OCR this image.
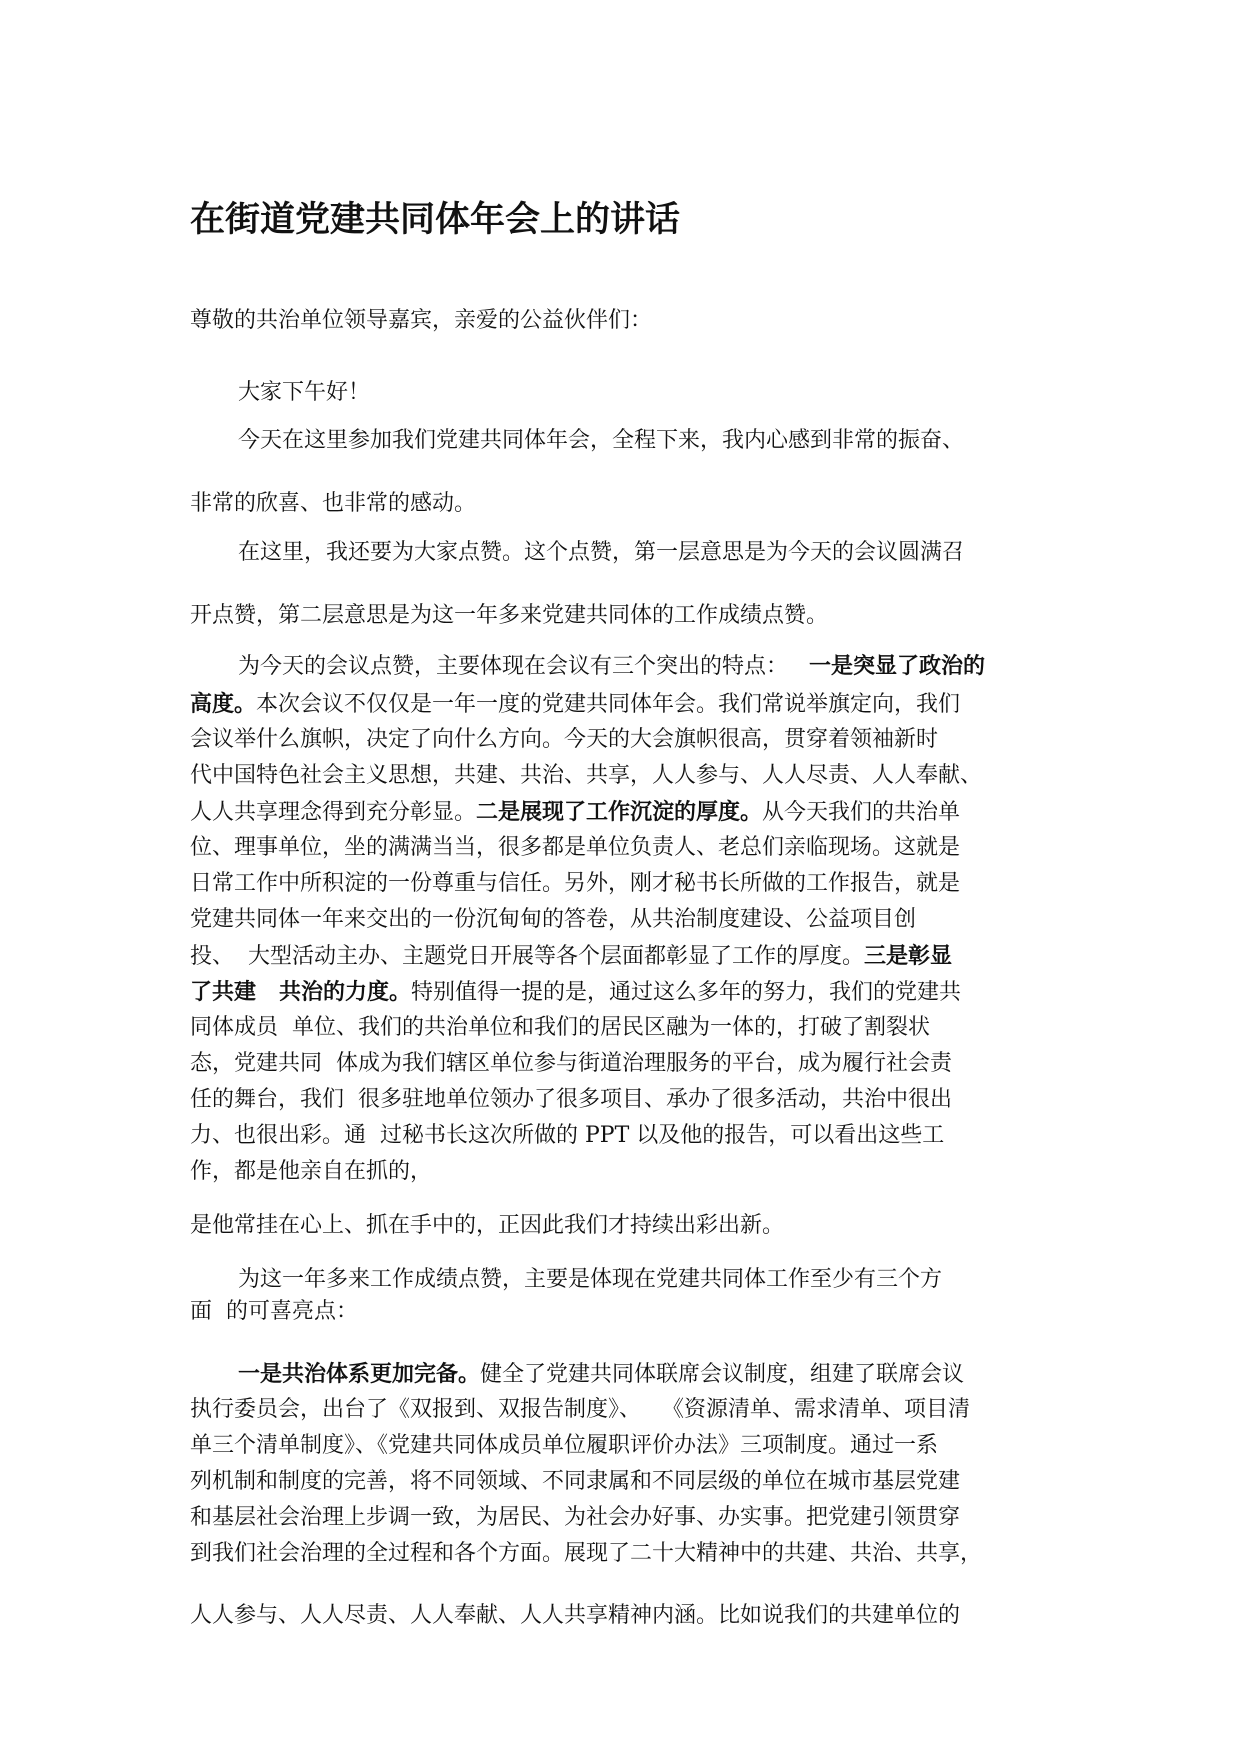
在街道党建共同体年会上的讲话

尊敬的共治单位领导嘉宾，亲爱的公益伙伴们：

大家下午好！

今天在这里参加我们党建共同体年会，全程下来，我内心感到非常的振奋、

非常的欣喜、也非常的感动。

在这里，我还要为大家点赞。这个点赞，第一层意思是为今天的会议圆满召

开点赞，第二层意思是为这一年多来党建共同体的工作成绩点赞。

为今天的会议点赞，主要体现在会议有三个突出的特点： 一是突显了政治的

高度。本次会议不仅仅是一年一度的党建共同体年会。我们常说举旗定向，我们

会议举什么旗帜，决定了向什么方向。今天的大会旗帜很高，贯穿着领袖新时

代中国特色社会主义思想，共建、共治、共享，人人参与、人人尽责、人人奉献、

人人共享理念得到充分彰显。二是展现了工作沉淀的厚度。从今天我们的共治单

位、理事单位，坐的满满当当，很多都是单位负责人、老总们亲临现场。这就是

日常工作中所积淀的一份尊重与信任。另外，刚才秘书长所做的工作报告，就是

党建共同体一年来交出的一份沉甸甸的答卷，从共治制度建设、公益项目创

投、  大型活动主办、主题党日开展等各个层面都彰显了工作的厚度。三是彰显

了共建   共治的力度。特别值得一提的是，通过这么多年的努力，我们的党建共

同体成员  单位、我们的共治单位和我们的居民区融为一体的，打破了割裂状

态，党建共同  体成为我们辖区单位参与街道治理服务的平台，成为履行社会责

任的舞台，我们  很多驻地单位领办了很多项目、承办了很多活动，共治中很出

力、也很出彩。通  过秘书长这次所做的 PPT 以及他的报告，可以看出这些工

作，都是他亲自在抓的，

是他常挂在心上、抓在手中的，正因此我们才持续出彩出新。

为这一年多来工作成绩点赞，主要是体现在党建共同体工作至少有三个方

面  的可喜亮点：

一是共治体系更加完备。健全了党建共同体联席会议制度，组建了联席会议

执行委员会，出台了《双报到、双报告制度》、   《资源清单、需求清单、项目清

单三个清单制度》、《党建共同体成员单位履职评价办法》三项制度。通过一系

列机制和制度的完善，将不同领域、不同隶属和不同层级的单位在城市基层党建

和基层社会治理上步调一致，为居民、为社会办好事、办实事。把党建引领贯穿

到我们社会治理的全过程和各个方面。展现了二十大精神中的共建、共治、共享，

人人参与、人人尽责、人人奉献、人人共享精神内涵。比如说我们的共建单位的
